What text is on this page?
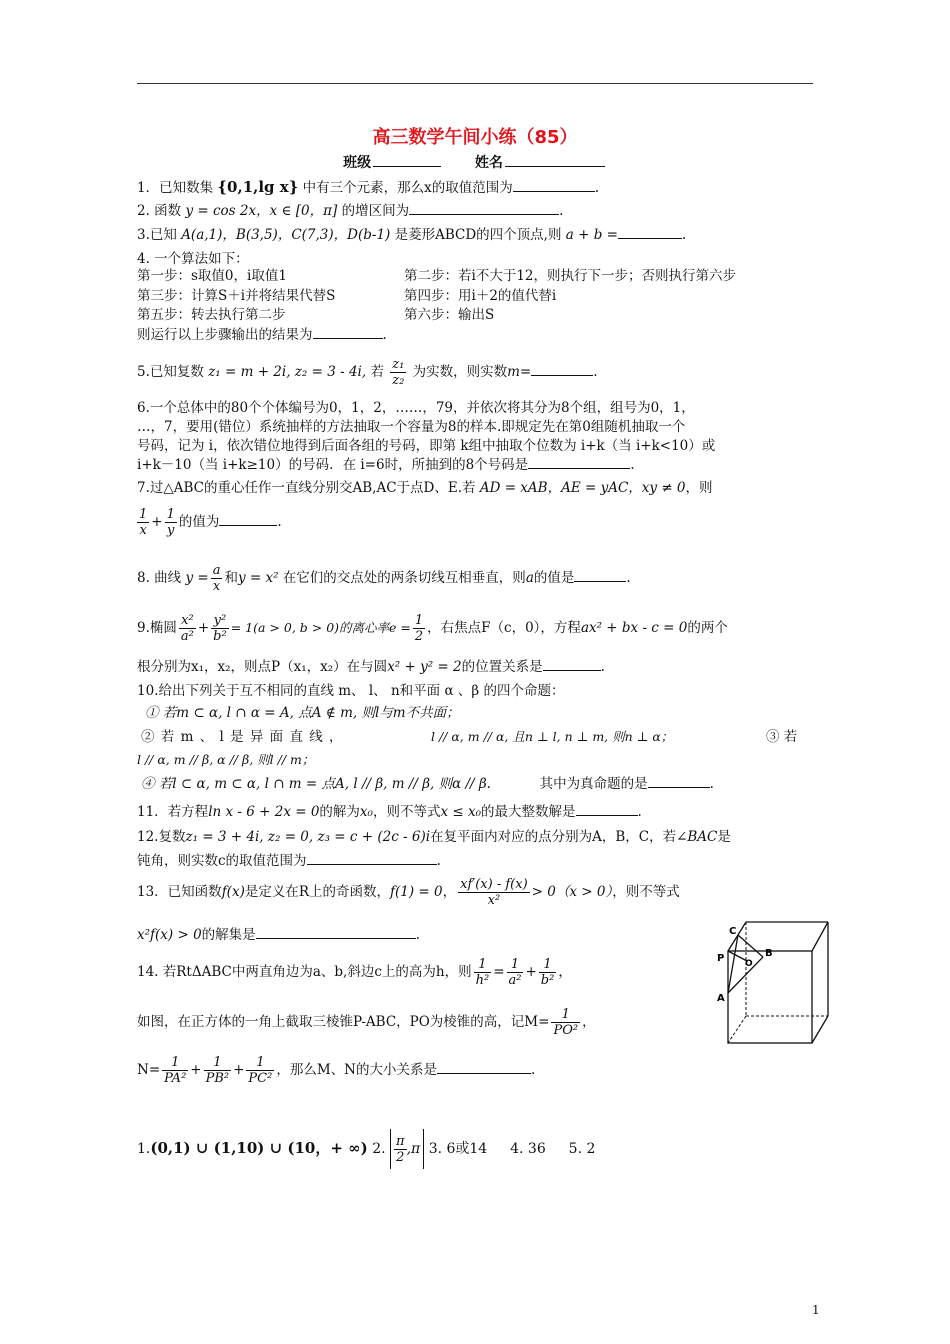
高三数学午间小练（85）
班级	姓名
1．已知数集 {0,1,lg x} 中有三个元素，那么x的取值范围为	.
2. 函数 y = cos 2x，x ∈ [0，π] 的增区间为	.
3.已知 A(a,1)，B(3,5)，C(7,3)，D(b-1) 是菱形ABCD的四个顶点,则 a + b =	.
4. 一个算法如下：
第一步：s取值0，i取值1	第二步：若i不大于12，则执行下一步；否则执行第六步
第三步：计算S＋i并将结果代替S	第四步：用i＋2的值代替i
第五步：转去执行第二步	第六步：输出S
则运行以上步骤输出的结果为	.
5.已知复数 z₁ = m + 2i, z₂ = 3 - 4i, 若 $\frac{\text{z₁}}{\text{z₂}}$ 为实数，则实数m=	.
6.一个总体中的80个个体编号为0，1，2，……，79，并依次将其分为8个组，组号为0，1，
…，7，要用(错位）系统抽样的方法抽取一个容量为8的样本.即规定先在第0组随机抽取一个
号码，记为 i，依次错位地得到后面各组的号码，即第 k组中抽取个位数为 i+k（当 i+k<10）或
i+k－10（当 i+k≥10）的号码．在 i=6时，所抽到的8个号码是	.
7.过△ABC的重心任作一直线分别交AB,AC于点D、E.若 AD = xAB，AE = yAC，xy ≠ 0，则
$\frac{1}{x} + \frac{1}{y}$ 的值为	.
8. 曲线 $y = \frac{a}{x}$ 和y = x² 在它们的交点处的两条切线互相垂直，则a的值是	.
9.椭圆 $\frac{\text{x²}}{\text{a²}} + \frac{\text{y²}}{\text{b²}} = 1(a > 0$, b > 0)的离心率$e = \frac{1}{2}$ ，右焦点F（c，0），方程ax² + bx - c = 0的两个
根分别为x₁，x₂，则点P（x₁，x₂）在与圆x² + y² = 2的位置关系是	.
10.给出下列关于互不相同的直线 m、 l、 n和平面 α 、β 的四个命题：
① 若m ⊂ α, l ∩ α = A, 点A ∉ m, 则l与m不共面；
② 若 m 、 l 是 异 面 直 线 ，	l // α, m // α, 且n ⊥ l, n ⊥ m, 则n ⊥ α；	③ 若
l // α, m // β, α // β, 则l // m；
④ 若l ⊂ α, m ⊂ α, l ∩ m = 点A, l // β, m // β, 则α // β.	其中为真命题的是	.
11．若方程ln x - 6 + 2x = 0的解为x₀，则不等式x ≤ x₀的最大整数解是	.
12.复数z₁ = 3 + 4i, z₂ = 0, z₃ = c + (2c - 6)i在复平面内对应的点分别为A，B，C，若∠BAC是
钝角，则实数c的取值范围为	.
13．已知函数f(x)是定义在R上的奇函数，f(1) = 0， $\frac{xf'(x) - f(x)}{\text{x²}} > 0(x > 0)$，则不等式
x²f(x) > 0的解集是	.
14. 若RtΔABC中两直角边为a、b,斜边c上的高为h，则 $\frac{1}{\text{h²}} = \frac{1}{\text{a²}} + \frac{1}{\text{b²}}$ ，
如图，在正方体的一角上截取三棱锥P-ABC，PO为棱锥的高，记$M= \frac{1}{\text{PO²}}$ ，
$N= \frac{1}{\text{PA²}} + \frac{1}{\text{PB²}} + \frac{1}{\text{PC²}}$ ，那么M、N的大小关系是	.
C
B
P O
A
1.(0,1) ∪ (1,10) ∪ (10，+ ∞) 2. $\frac{\pi}{2} ,\pi$ 3. 6或14 4. 36 5. 2
1
